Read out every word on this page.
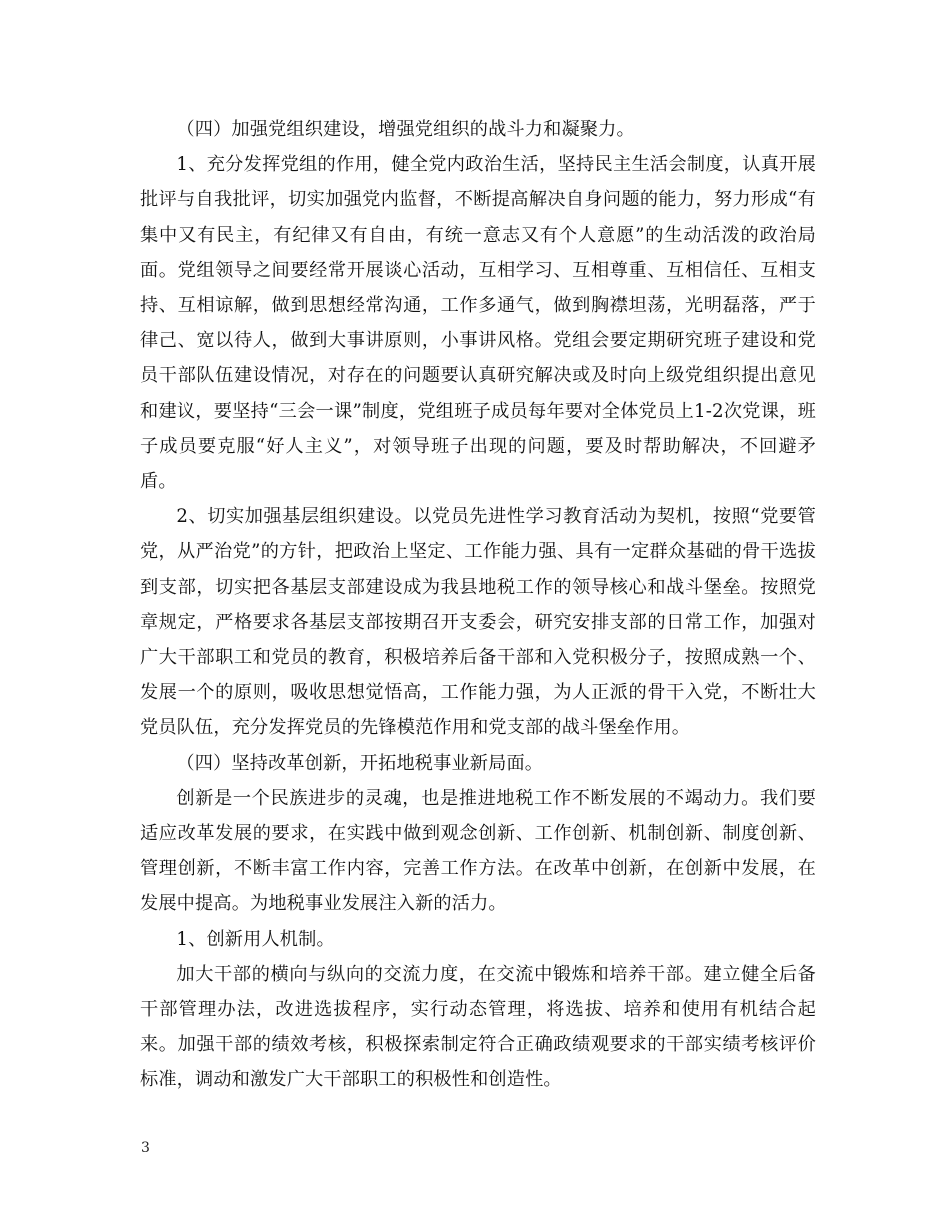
（四）加强党组织建设，增强党组织的战斗力和凝聚力。

1、充分发挥党组的作用，健全党内政治生活，坚持民主生活会制度，认真开展批评与自我批评，切实加强党内监督，不断提高解决自身问题的能力，努力形成“有集中又有民主，有纪律又有自由，有统一意志又有个人意愿”的生动活泼的政治局面。党组领导之间要经常开展谈心活动，互相学习、互相尊重、互相信任、互相支持、互相谅解，做到思想经常沟通，工作多通气，做到胸襟坦荡，光明磊落，严于律己、宽以待人，做到大事讲原则，小事讲风格。党组会要定期研究班子建设和党员干部队伍建设情况，对存在的问题要认真研究解决或及时向上级党组织提出意见和建议，要坚持“三会一课”制度，党组班子成员每年要对全体党员上1-2次党课，班子成员要克服“好人主义”，对领导班子出现的问题，要及时帮助解决，不回避矛盾。

2、切实加强基层组织建设。以党员先进性学习教育活动为契机，按照“党要管党，从严治党”的方针，把政治上坚定、工作能力强、具有一定群众基础的骨干选拔到支部，切实把各基层支部建设成为我县地税工作的领导核心和战斗堡垒。按照党章规定，严格要求各基层支部按期召开支委会，研究安排支部的日常工作，加强对广大干部职工和党员的教育，积极培养后备干部和入党积极分子，按照成熟一个、发展一个的原则，吸收思想觉悟高，工作能力强，为人正派的骨干入党，不断壮大党员队伍，充分发挥党员的先锋模范作用和党支部的战斗堡垒作用。

（四）坚持改革创新，开拓地税事业新局面。

创新是一个民族进步的灵魂，也是推进地税工作不断发展的不竭动力。我们要适应改革发展的要求，在实践中做到观念创新、工作创新、机制创新、制度创新、管理创新，不断丰富工作内容，完善工作方法。在改革中创新，在创新中发展，在发展中提高。为地税事业发展注入新的活力。

1、创新用人机制。

加大干部的横向与纵向的交流力度，在交流中锻炼和培养干部。建立健全后备干部管理办法，改进选拔程序，实行动态管理，将选拔、培养和使用有机结合起来。加强干部的绩效考核，积极探索制定符合正确政绩观要求的干部实绩考核评价标准，调动和激发广大干部职工的积极性和创造性。

3
